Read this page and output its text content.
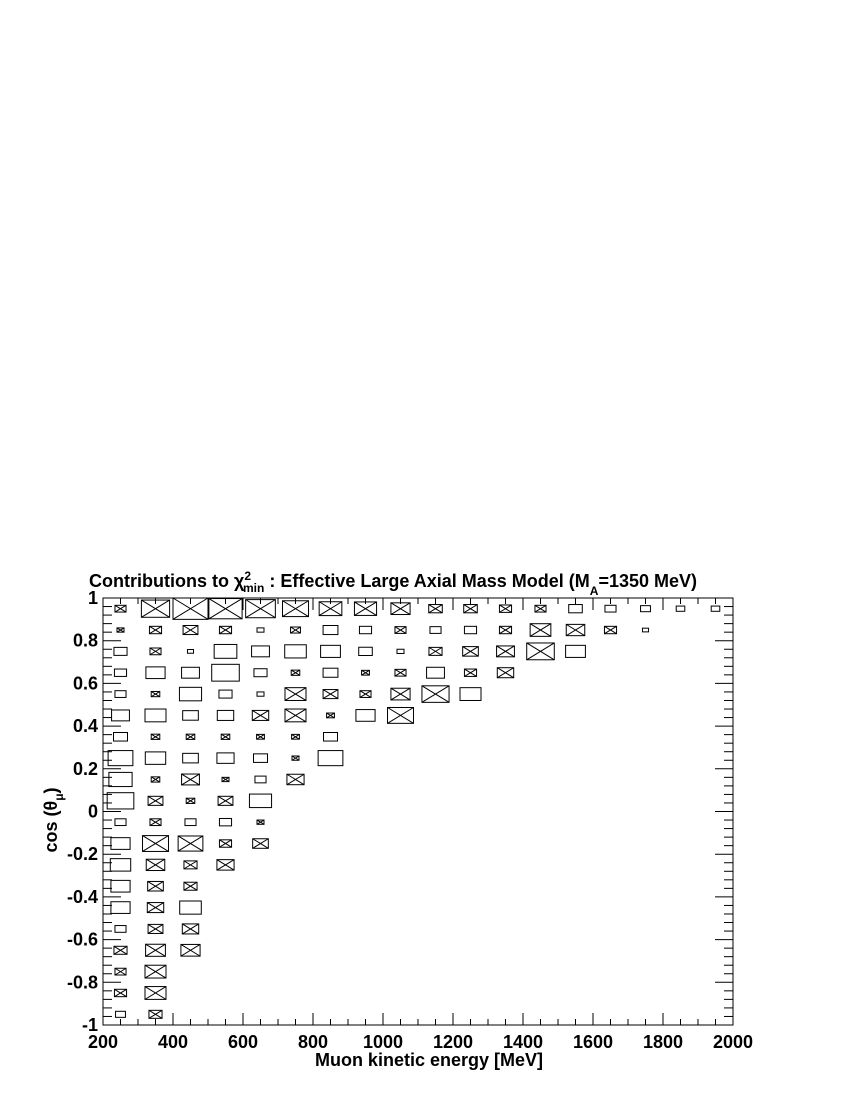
Contributions to $\chi^2$ min : Effective Large Axial Mass Model ($M_A=1350$ MeV)
200 400 600 800 1000 1200 1400 1600 1800 2000
-1
-0.8
-0.6
-0.4
-0.2
0
0.2
0.4
0.6
0.8
1
Muon kinetic energy [MeV]
$\cos (\theta_\mu)$
